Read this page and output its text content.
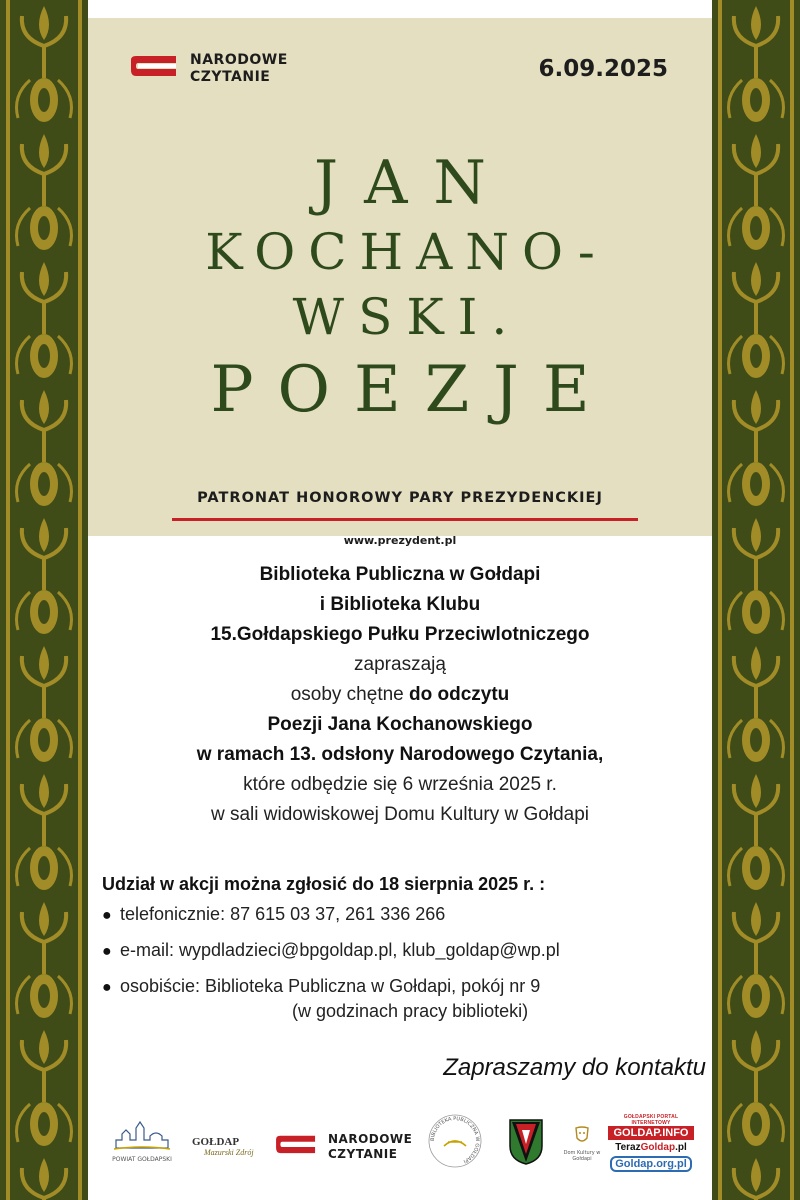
NARODOWE
CZYTANIE	6.09.2025
JAN
KOCHANO-
WSKI.
POEZJE
PATRONAT HONOROWY PARY PREZYDENCKIEJ
www.prezydent.pl
Biblioteka Publiczna w Gołdapi
i Biblioteka Klubu
15.Gołdapskiego Pułku Przeciwlotniczego
zapraszają
osoby chętne do odczytu
Poezji Jana Kochanowskiego
w ramach 13. odsłony Narodowego Czytania,
które odbędzie się 6 września 2025 r.
w sali widowiskowej Domu Kultury w Gołdapi
Udział w akcji można zgłosić do 18 sierpnia 2025 r. :
● telefonicznie: 87 615 03 37, 261 336 266
● e-mail: wypdladzieci@bpgoldap.pl, klub_goldap@wp.pl
● osobiście: Biblioteka Publiczna w Gołdapi, pokój nr 9
(w godzinach pracy biblioteki)
Zapraszamy do kontaktu
POWIAT GOŁDAPSKI
GOŁDAP
Mazurski Zdrój
NARODOWE
CZYTANIE
BIBLIOTEKA PUBLICZNA W GOŁDAPI
Dom Kultury w Gołdapi
GOŁDAPSKI PORTAL INTERNETOWY
GOLDAP.INFO
TerazGoldap.pl
Goldap.org.pl
